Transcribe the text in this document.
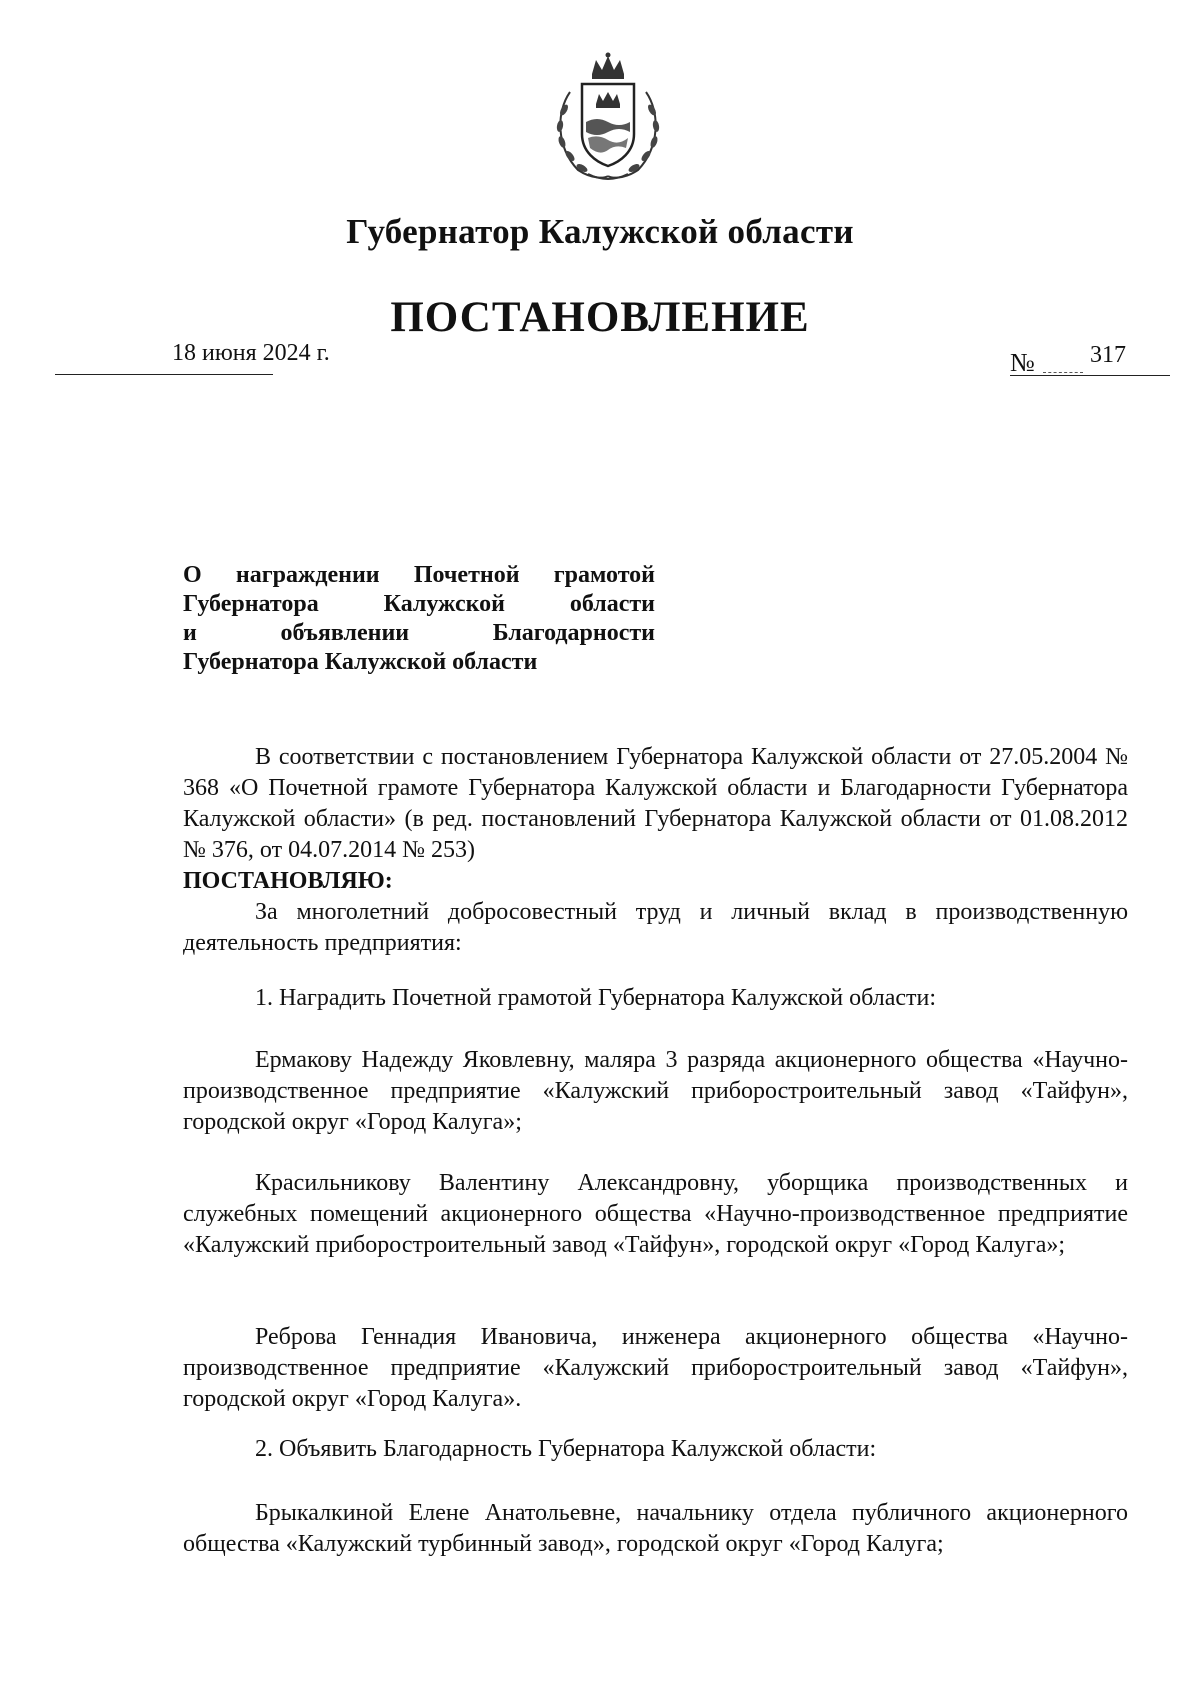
Губернатор Калужской области
ПОСТАНОВЛЕНИЕ
18 июня 2024 г.	№ 317
О награждении Почетной грамотой
Губернатора Калужской области
и объявлении Благодарности
Губернатора Калужской области

В соответствии с постановлением Губернатора Калужской области от 27.05.2004 № 368 «О Почетной грамоте Губернатора Калужской области и Благодарности Губернатора Калужской области» (в ред. постановлений Губернатора Калужской области от 01.08.2012 № 376, от 04.07.2014 № 253)

ПОСТАНОВЛЯЮ:

За многолетний добросовестный труд и личный вклад в производственную деятельность предприятия:

1. Наградить Почетной грамотой Губернатора Калужской области:

Ермакову Надежду Яковлевну, маляра 3 разряда акционерного общества «Научно-производственное предприятие «Калужский приборостроительный завод «Тайфун», городской округ «Город Калуга»;

Красильникову Валентину Александровну, уборщика производственных и служебных помещений акционерного общества «Научно-производственное предприятие «Калужский приборостроительный завод «Тайфун», городской округ «Город Калуга»;

Реброва Геннадия Ивановича, инженера акционерного общества «Научно-производственное предприятие «Калужский приборостроительный завод «Тайфун», городской округ «Город Калуга».

2. Объявить Благодарность Губернатора Калужской области:

Брыкалкиной Елене Анатольевне, начальнику отдела публичного акционерного общества «Калужский турбинный завод», городской округ «Город Калуга;
